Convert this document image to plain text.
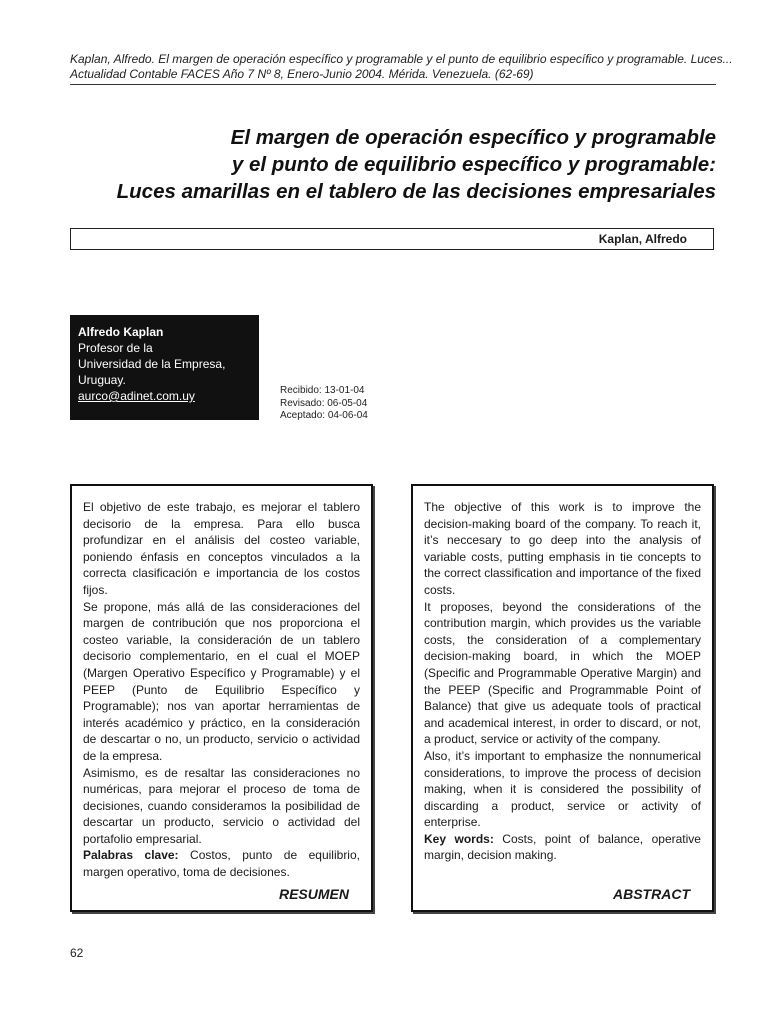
Kaplan, Alfredo. El margen de operación específico y programable y el punto de equilibrio específico y programable. Luces...
Actualidad Contable FACES Año 7 Nº 8, Enero-Junio 2004. Mérida. Venezuela. (62-69)
El margen de operación específico y programable
y el punto de equilibrio específico y programable:
Luces amarillas en el tablero de las decisiones empresariales
Kaplan, Alfredo
Alfredo Kaplan
Profesor de la
Universidad de la Empresa,
Uruguay.
aurco@adinet.com.uy	Recibido: 13-01-04
Revisado: 06-05-04
Aceptado: 04-06-04

El objetivo de este trabajo, es mejorar el tablero decisorio de la empresa. Para ello busca profundizar en el análisis del costeo variable, poniendo énfasis en conceptos vinculados a la correcta clasificación e importancia de los costos fijos.

Se propone, más allá de las consideraciones del margen de contribución que nos proporciona el costeo variable, la consideración de un tablero decisorio complementario, en el cual el MOEP (Margen Operativo Específico y Programable) y el PEEP (Punto de Equilibrio Específico y Programable); nos van aportar herramientas de interés académico y práctico, en la consideración de descartar o no, un producto, servicio o actividad de la empresa.

Asimismo, es de resaltar las consideraciones no numéricas, para mejorar el proceso de toma de decisiones, cuando consideramos la posibilidad de descartar un producto, servicio o actividad del portafolio empresarial.

Palabras clave: Costos, punto de equilibrio, margen operativo, toma de decisiones.

RESUMEN

The objective of this work is to improve the decision-making board of the company. To reach it, it’s neccesary to go deep into the analysis of variable costs, putting emphasis in tie concepts to the correct classification and importance of the fixed costs.

It proposes, beyond the considerations of the contribution margin, which provides us the variable costs, the consideration of a complementary decision-making board, in which the MOEP (Specific and Programmable Operative Margin) and the PEEP (Specific and Programmable Point of Balance) that give us adequate tools of practical and academical interest, in order to discard, or not, a product, service or activity of the company.

Also, it’s important to emphasize the nonnumerical considerations, to improve the process of decision making, when it is considered the possibility of discarding a product, service or activity of enterprise.

Key words: Costs, point of balance, operative margin, decision making.

ABSTRACT
62
